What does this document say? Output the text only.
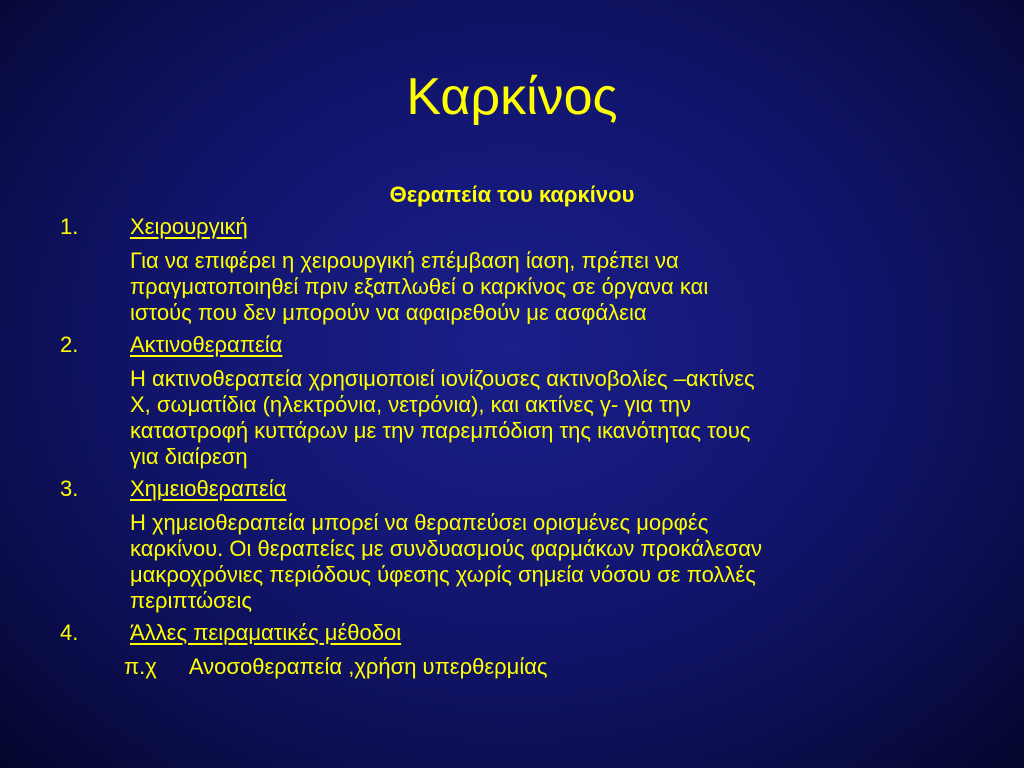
Καρκίνος
Θεραπεία του καρκίνου
1.	Χειρουργική
Για να επιφέρει η χειρουργική επέμβαση ίαση, πρέπει να
πραγματοποιηθεί πριν εξαπλωθεί ο καρκίνος σε όργανα και
ιστούς που δεν μπορούν να αφαιρεθούν με ασφάλεια
2.	Ακτινοθεραπεία
Η ακτινοθεραπεία χρησιμοποιεί ιονίζουσες ακτινοβολίες –ακτίνες
Χ, σωματίδια (ηλεκτρόνια, νετρόνια), και ακτίνες γ- για την
καταστροφή κυττάρων με την παρεμπόδιση της ικανότητας τους
για διαίρεση
3.	Χημειοθεραπεία
Η χημειοθεραπεία μπορεί να θεραπεύσει ορισμένες μορφές
καρκίνου. Οι θεραπείες με συνδυασμούς φαρμάκων προκάλεσαν
μακροχρόνιες περιόδους ύφεσης χωρίς σημεία νόσου σε πολλές
περιπτώσεις
4.	Άλλες πειραματικές μέθοδοι
π.χ Ανοσοθεραπεία ,χρήση υπερθερμίας
